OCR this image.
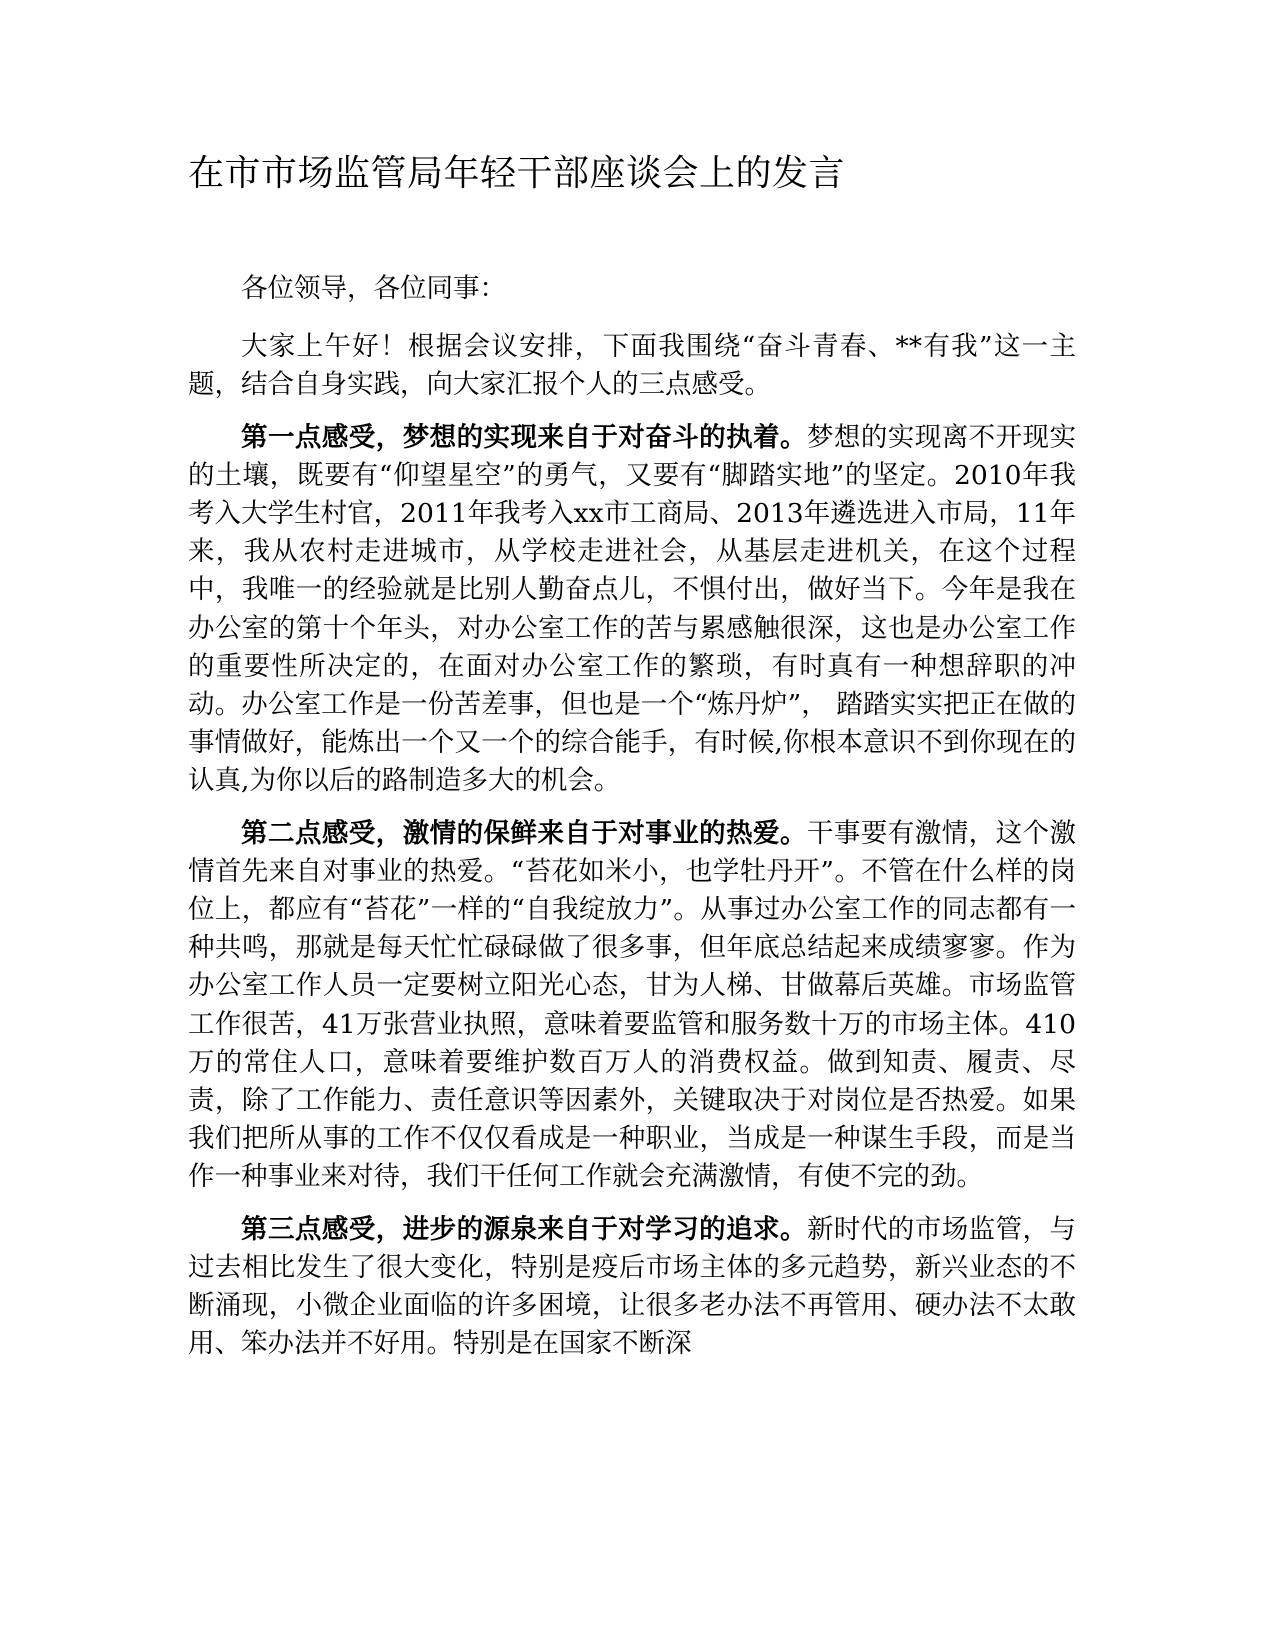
在市市场监管局年轻干部座谈会上的发言

各位领导，各位同事：

大家上午好！根据会议安排，下面我围绕“奋斗青春、**有我”这一主题，结合自身实践，向大家汇报个人的三点感受。

第一点感受，梦想的实现来自于对奋斗的执着。梦想的实现离不开现实的土壤，既要有“仰望星空”的勇气，又要有“脚踏实地”的坚定。2010年我考入大学生村官，2011年我考入xx市工商局、2013年遴选进入市局，11年来，我从农村走进城市，从学校走进社会，从基层走进机关，在这个过程中，我唯一的经验就是比别人勤奋点儿，不惧付出，做好当下。今年是我在办公室的第十个年头，对办公室工作的苦与累感触很深，这也是办公室工作的重要性所决定的，在面对办公室工作的繁琐，有时真有一种想辞职的冲动。办公室工作是一份苦差事，但也是一个“炼丹炉”， 踏踏实实把正在做的事情做好，能炼出一个又一个的综合能手，有时候,你根本意识不到你现在的认真,为你以后的路制造多大的机会。

第二点感受，激情的保鲜来自于对事业的热爱。干事要有激情，这个激情首先来自对事业的热爱。“苔花如米小，也学牡丹开”。不管在什么样的岗位上，都应有“苔花”一样的“自我绽放力”。从事过办公室工作的同志都有一种共鸣，那就是每天忙忙碌碌做了很多事，但年底总结起来成绩寥寥。作为办公室工作人员一定要树立阳光心态，甘为人梯、甘做幕后英雄。市场监管工作很苦，41万张营业执照，意味着要监管和服务数十万的市场主体。410万的常住人口，意味着要维护数百万人的消费权益。做到知责、履责、尽责，除了工作能力、责任意识等因素外，关键取决于对岗位是否热爱。如果我们把所从事的工作不仅仅看成是一种职业，当成是一种谋生手段，而是当作一种事业来对待，我们干任何工作就会充满激情，有使不完的劲。

第三点感受，进步的源泉来自于对学习的追求。新时代的市场监管，与过去相比发生了很大变化，特别是疫后市场主体的多元趋势，新兴业态的不断涌现，小微企业面临的许多困境，让很多老办法不再管用、硬办法不太敢用、笨办法并不好用。特别是在国家不断深
